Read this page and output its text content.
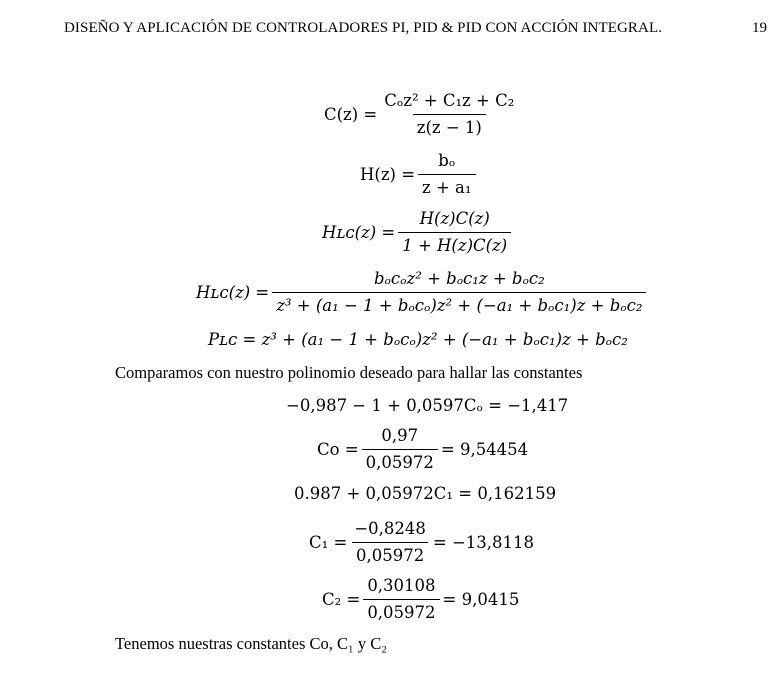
DISEÑO Y APLICACIÓN DE CONTROLADORES PI, PID & PID CON ACCIÓN INTEGRAL.	19
$C(z) = \frac{\text{Cₒz² + C₁z + C₂}}{z(z - 1)}$
$H(z) = \frac{\text{bₒ}}{\text{z + a₁}}$
Hʟᴄ(z) = $\frac{H(z)C(z)}{1 + H(z)C(z)}$
Hʟᴄ(z) = $\frac{\text{bₒcₒz² + bₒc₁z + bₒc₂}}{\text{z³ + (a₁ − 1 + bₒcₒ)z² + (−a₁ + bₒc₁)z + bₒc₂}}$
Pʟᴄ = z³ + (a₁ − 1 + bₒcₒ)z² + (−a₁ + bₒc₁)z + bₒc₂
Comparamos con nuestro polinomio deseado para hallar las constantes
−0,987 − 1 + 0,0597Cₒ = −1,417
$Co = \frac{0,97}{0,05972} = 9,54454$
0.987 + 0,05972C₁ = 0,162159
$C_1 = \frac{-0,8248}{0,05972} = -13,8118$
$C_2 = \frac{0,30108}{0,05972} = 9,0415$
Tenemos nuestras constantes Co, C₁ y C₂
